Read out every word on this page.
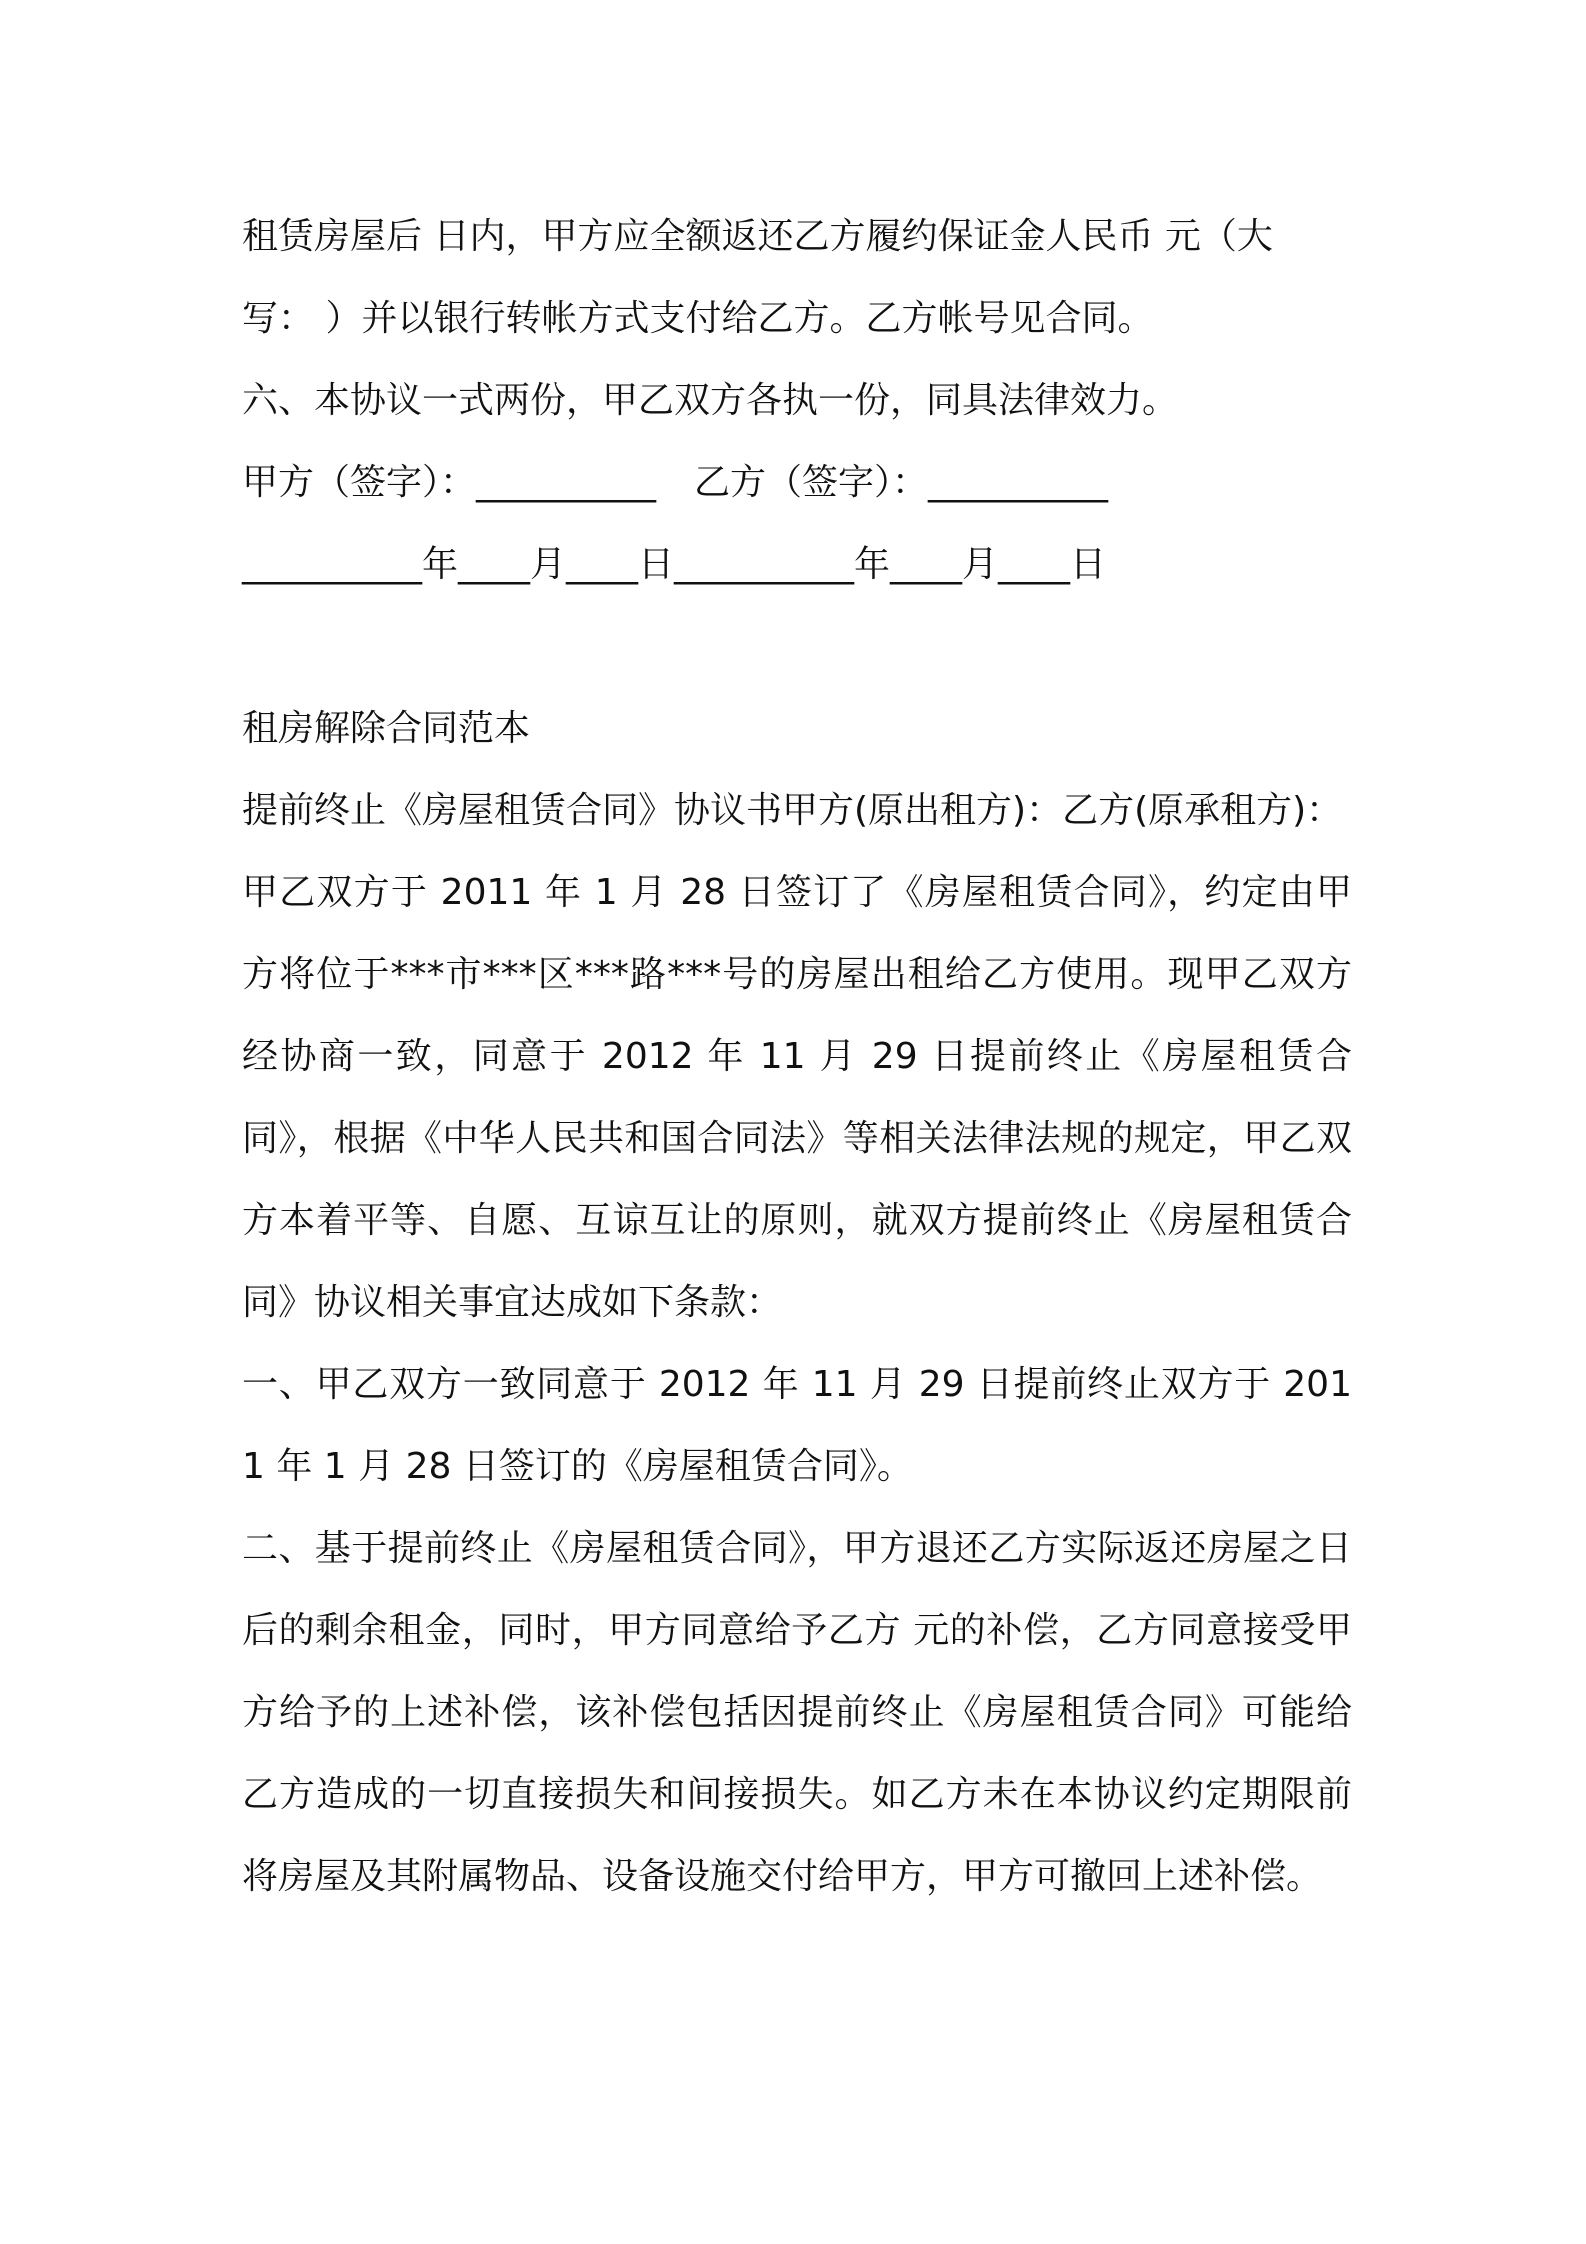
租赁房屋后 日内，甲方应全额返还乙方履约保证金人民币 元（大
写： ）并以银行转帐方式支付给乙方。乙方帐号见合同。
六、本协议一式两份，甲乙双方各执一份，同具法律效力。
甲方（签字）：__________ 乙方（签字）：__________
__________年____月____日__________年____月____日
租房解除合同范本
提前终止《房屋租赁合同》协议书甲方(原出租方)：乙方(原承租方)：
甲乙双方于 2011 年 1 月 28 日签订了《房屋租赁合同》，约定由甲方将位于***市***区***路***号的房屋出租给乙方使用。现甲乙双方经协商一致，同意于 2012 年 11 月 29 日提前终止《房屋租赁合同》，根据《中华人民共和国合同法》等相关法律法规的规定，甲乙双方本着平等、自愿、互谅互让的原则，就双方提前终止《房屋租赁合同》协议相关事宜达成如下条款：
一、甲乙双方一致同意于 2012 年 11 月 29 日提前终止双方于 2011 年 1 月 28 日签订的《房屋租赁合同》。
二、基于提前终止《房屋租赁合同》，甲方退还乙方实际返还房屋之日后的剩余租金，同时，甲方同意给予乙方 元的补偿，乙方同意接受甲方给予的上述补偿，该补偿包括因提前终止《房屋租赁合同》可能给乙方造成的一切直接损失和间接损失。如乙方未在本协议约定期限前将房屋及其附属物品、设备设施交付给甲方，甲方可撤回上述补偿。
